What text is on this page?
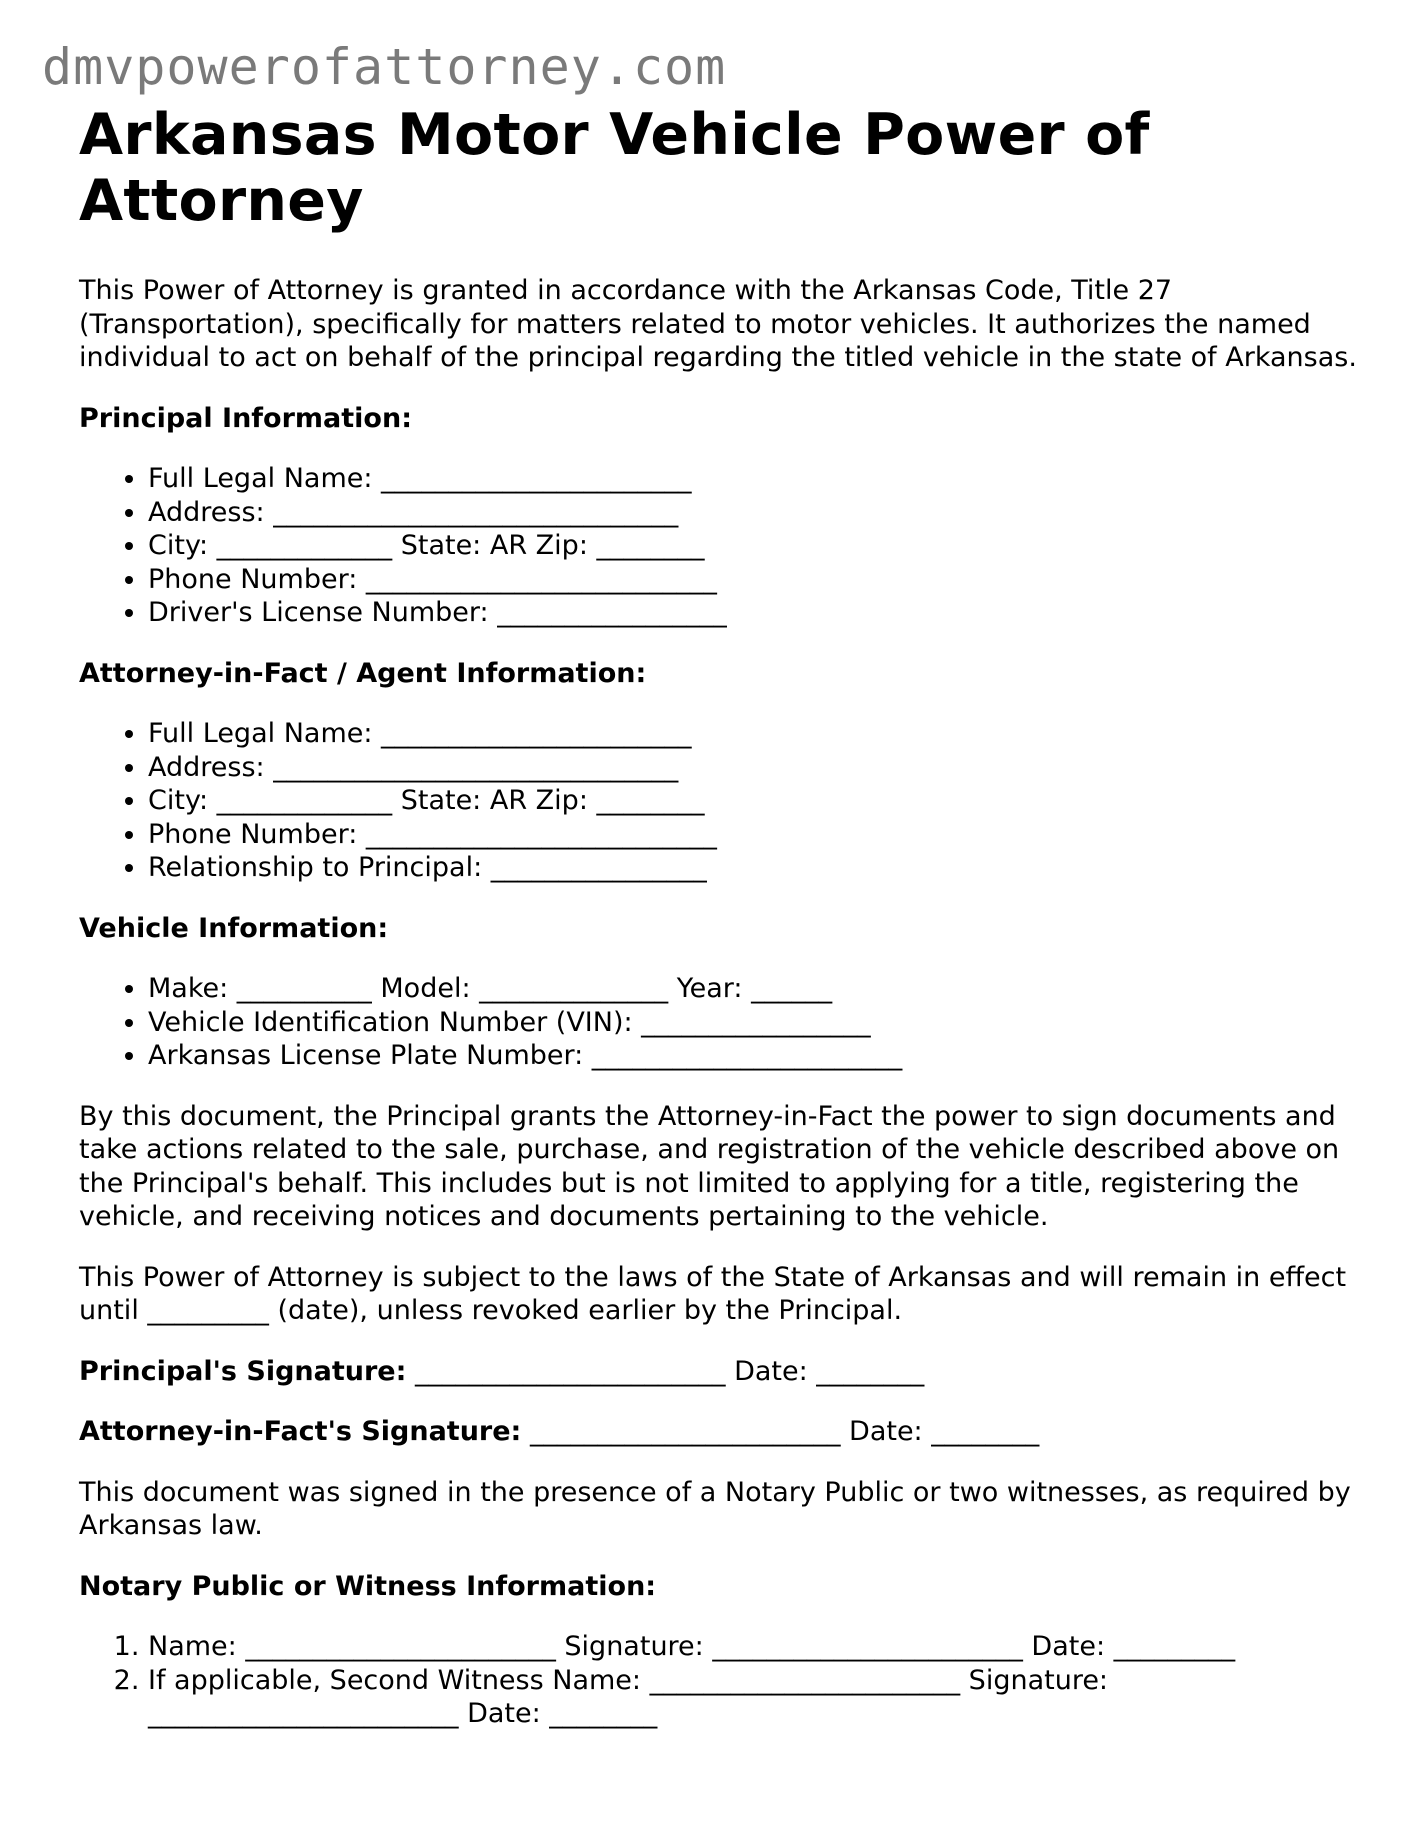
dmvpowerofattorney.com
Arkansas Motor Vehicle Power of Attorney

This Power of Attorney is granted in accordance with the Arkansas Code, Title 27 (Transportation), specifically for matters related to motor vehicles. It authorizes the named individual to act on behalf of the principal regarding the titled vehicle in the state of Arkansas.

Principal Information:
• Full Legal Name: _______________________
• Address: ______________________________
• City: _____________ State: AR Zip: ________
• Phone Number: __________________________
• Driver's License Number: _________________
Attorney-in-Fact / Agent Information:
• Full Legal Name: _______________________
• Address: ______________________________
• City: _____________ State: AR Zip: ________
• Phone Number: __________________________
• Relationship to Principal: ________________
Vehicle Information:
• Make: __________ Model: ______________ Year: ______
• Vehicle Identification Number (VIN): _________________
• Arkansas License Plate Number: _______________________

By this document, the Principal grants the Attorney-in-Fact the power to sign documents and take actions related to the sale, purchase, and registration of the vehicle described above on the Principal's behalf. This includes but is not limited to applying for a title, registering the vehicle, and receiving notices and documents pertaining to the vehicle.

This Power of Attorney is subject to the laws of the State of Arkansas and will remain in effect until _________ (date), unless revoked earlier by the Principal.

Principal's Signature: _______________________ Date: ________

Attorney-in-Fact's Signature: _______________________ Date: ________

This document was signed in the presence of a Notary Public or two witnesses, as required by Arkansas law.

Notary Public or Witness Information:
1. Name: _______________________ Signature: _______________________ Date: _________
2. If applicable, Second Witness Name: _______________________ Signature: _______________________ Date: ________
